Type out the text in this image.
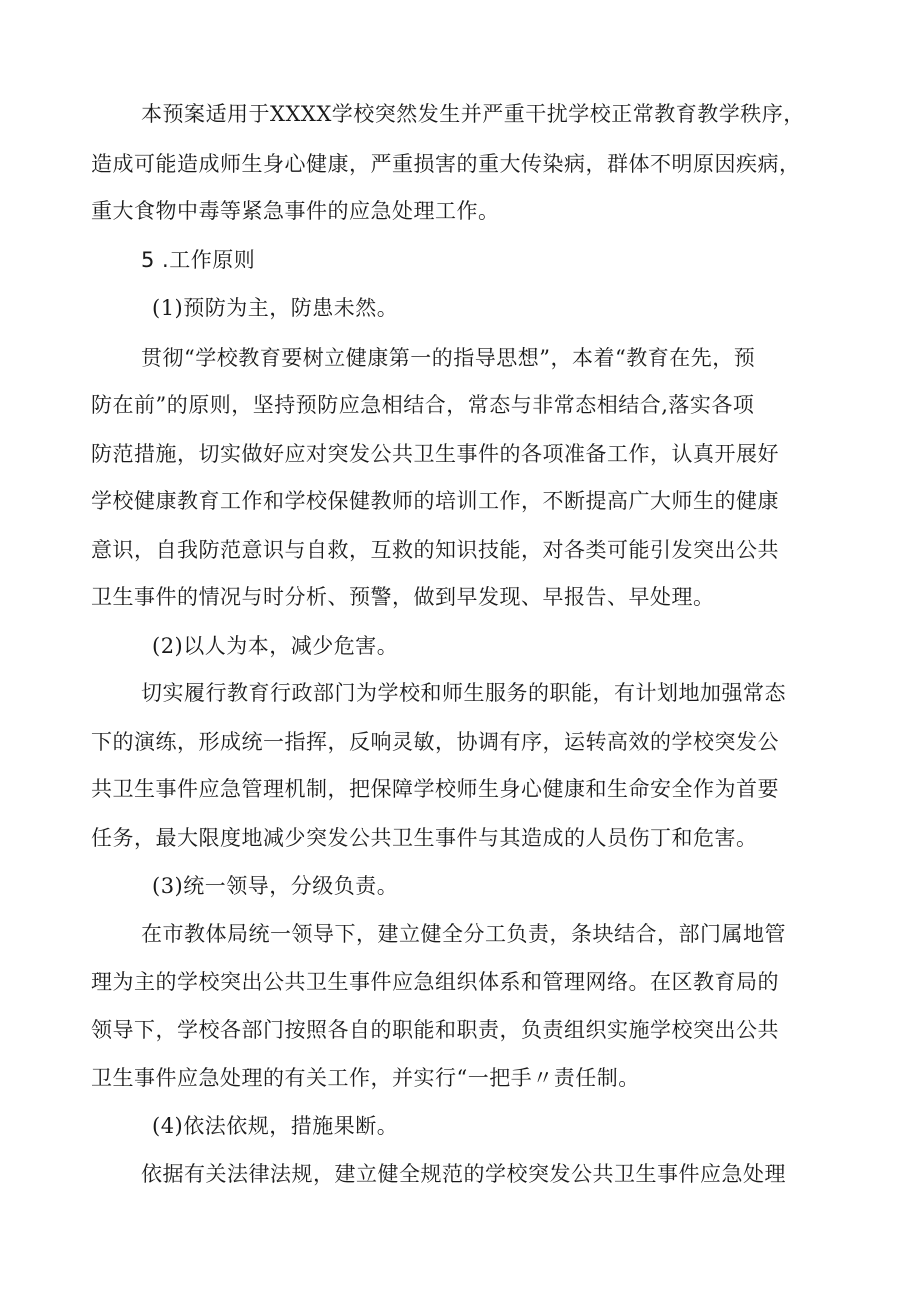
本预案适用于XXXX学校突然发生并严重干扰学校正常教育教学秩序，
造成可能造成师生身心健康，严重损害的重大传染病，群体不明原因疾病，
重大食物中毒等紧急事件的应急处理工作。
5 .工作原则
(1)预防为主，防患未然。
贯彻“学校教育要树立健康第一的指导思想”，本着“教育在先，预
防在前”的原则，坚持预防应急相结合，常态与非常态相结合,落实各项
防范措施，切实做好应对突发公共卫生事件的各项准备工作，认真开展好
学校健康教育工作和学校保健教师的培训工作，不断提高广大师生的健康
意识，自我防范意识与自救，互救的知识技能，对各类可能引发突出公共
卫生事件的情况与时分析、预警，做到早发现、早报告、早处理。
(2)以人为本，减少危害。
切实履行教育行政部门为学校和师生服务的职能，有计划地加强常态
下的演练，形成统一指挥，反响灵敏，协调有序，运转高效的学校突发公
共卫生事件应急管理机制，把保障学校师生身心健康和生命安全作为首要
任务，最大限度地减少突发公共卫生事件与其造成的人员伤丁和危害。
(3)统一领导，分级负责。
在市教体局统一领导下，建立健全分工负责，条块结合，部门属地管
理为主的学校突出公共卫生事件应急组织体系和管理网络。在区教育局的
领导下，学校各部门按照各自的职能和职责，负责组织实施学校突出公共
卫生事件应急处理的有关工作，并实行“一把手〃责任制。
(4)依法依规，措施果断。
依据有关法律法规，建立健全规范的学校突发公共卫生事件应急处理
